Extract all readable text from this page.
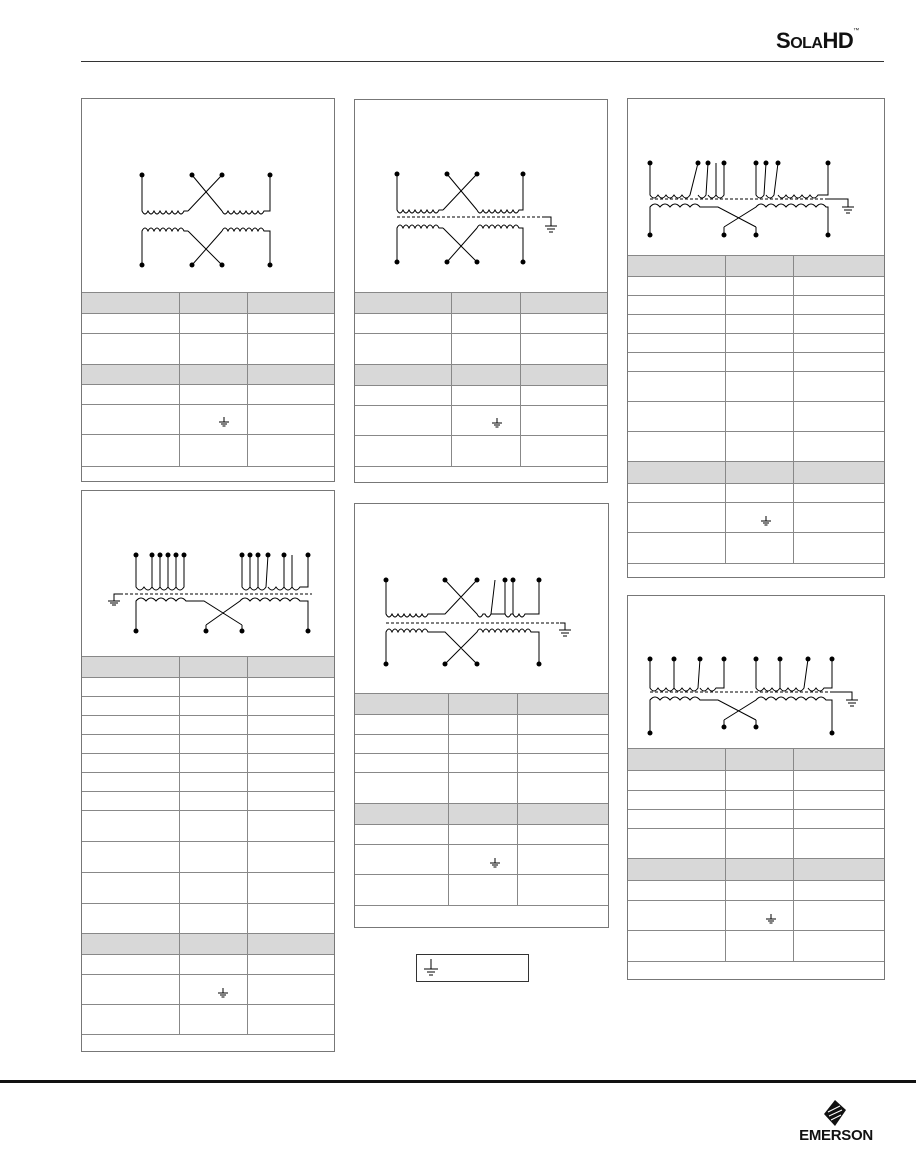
SOLAHD™
EMERSON
